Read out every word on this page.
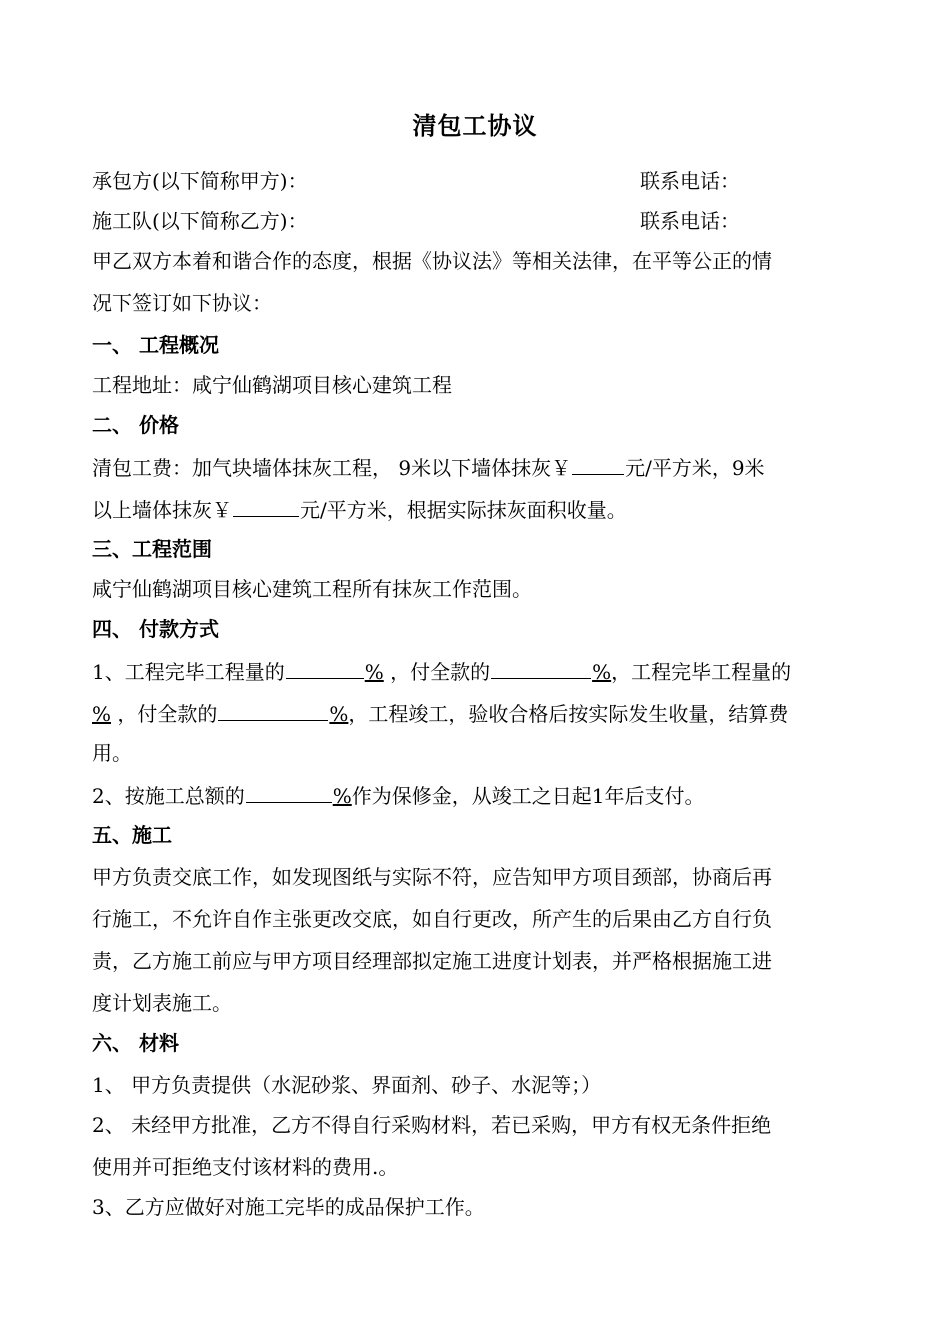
清包工协议
承包方(以下简称甲方)：	联系电话：
施工队(以下简称乙方)：	联系电话：
甲乙双方本着和谐合作的态度，根据《协议法》等相关法律，在平等公正的情
况下签订如下协议：
一、 工程概况
工程地址：咸宁仙鹤湖项目核心建筑工程
二、 价格
清包工费：加气块墙体抹灰工程， 9米以下墙体抹灰￥	元/平方米，9米
以上墙体抹灰￥	元/平方米，根据实际抹灰面积收量。
三、工程范围
咸宁仙鹤湖项目核心建筑工程所有抹灰工作范围。
四、 付款方式
1、工程完毕工程量的	% ，付全款的	%，工程完毕工程量的
% ，付全款的	%，工程竣工，验收合格后按实际发生收量，结算费
用。
2、按施工总额的	%作为保修金，从竣工之日起1年后支付。
五、施工
甲方负责交底工作，如发现图纸与实际不符，应告知甲方项目颈部，协商后再
行施工，不允许自作主张更改交底，如自行更改，所产生的后果由乙方自行负
责，乙方施工前应与甲方项目经理部拟定施工进度计划表，并严格根据施工进
度计划表施工。
六、 材料
1、 甲方负责提供（水泥砂浆、界面剂、砂子、水泥等；）
2、 未经甲方批准，乙方不得自行采购材料，若已采购，甲方有权无条件拒绝
使用并可拒绝支付该材料的费用.。
3、乙方应做好对施工完毕的成品保护工作。
